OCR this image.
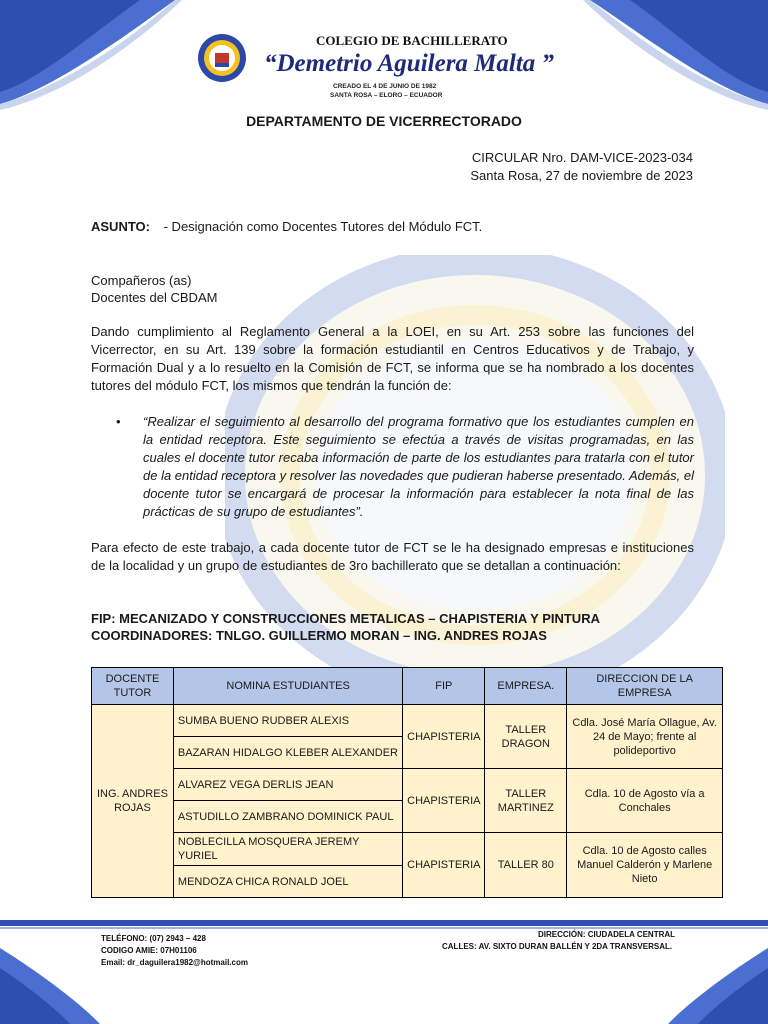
COLEGIO DE BACHILLERATO
“Demetrio Aguilera Malta ”
CREADO EL 4 DE JUNIO DE 1982
SANTA ROSA – ELORO – ECUADOR
DEPARTAMENTO DE VICERRECTORADO
CIRCULAR Nro. DAM-VICE-2023-034
Santa Rosa, 27 de noviembre de 2023
ASUNTO: - Designación como Docentes Tutores del Módulo FCT.
Compañeros (as)
Docentes del CBDAM
Dando cumplimiento al Reglamento General a la LOEI, en su Art. 253 sobre las funciones del Vicerrector, en su Art. 139 sobre la formación estudiantil en Centros Educativos y de Trabajo, y Formación Dual y a lo resuelto en la Comisión de FCT, se informa que se ha nombrado a los docentes tutores del módulo FCT, los mismos que tendrán la función de:
• “Realizar el seguimiento al desarrollo del programa formativo que los estudiantes cumplen en la entidad receptora. Este seguimiento se efectúa a través de visitas programadas, en las cuales el docente tutor recaba información de parte de los estudiantes para tratarla con el tutor de la entidad receptora y resolver las novedades que pudieran haberse presentado. Además, el docente tutor se encargará de procesar la información para establecer la nota final de las prácticas de su grupo de estudiantes”.
Para efecto de este trabajo, a cada docente tutor de FCT se le ha designado empresas e instituciones de la localidad y un grupo de estudiantes de 3ro bachillerato que se detallan a continuación:
FIP: MECANIZADO Y CONSTRUCCIONES METALICAS – CHAPISTERIA Y PINTURA
COORDINADORES: TNLGO. GUILLERMO MORAN – ING. ANDRES ROJAS
DOCENTE TUTOR	NOMINA ESTUDIANTES	FIP	EMPRESA.	DIRECCION DE LA EMPRESA
ING. ANDRES ROJAS	SUMBA BUENO RUDBER ALEXIS	CHAPISTERIA	TALLER DRAGON	Cdla. José María Ollague, Av. 24 de Mayo; frente al polideportivo
	BAZARAN HIDALGO KLEBER ALEXANDER			
	ALVAREZ VEGA DERLIS JEAN	CHAPISTERIA	TALLER MARTINEZ	Cdla. 10 de Agosto vía a Conchales
	ASTUDILLO ZAMBRANO DOMINICK PAUL			
	NOBLECILLA MOSQUERA JEREMY YURIEL	CHAPISTERIA	TALLER 80	Cdla. 10 de Agosto calles Manuel Calderón y Marlene Nieto
	MENDOZA CHICA RONALD JOEL			
TELÉFONO: (07) 2943 – 428
CODIGO AMIE: 07H01106
Email: dr_daguilera1982@hotmail.com
DIRECCIÓN: CIUDADELA CENTRAL
CALLES: AV. SIXTO DURAN BALLÉN Y 2DA TRANSVERSAL.
